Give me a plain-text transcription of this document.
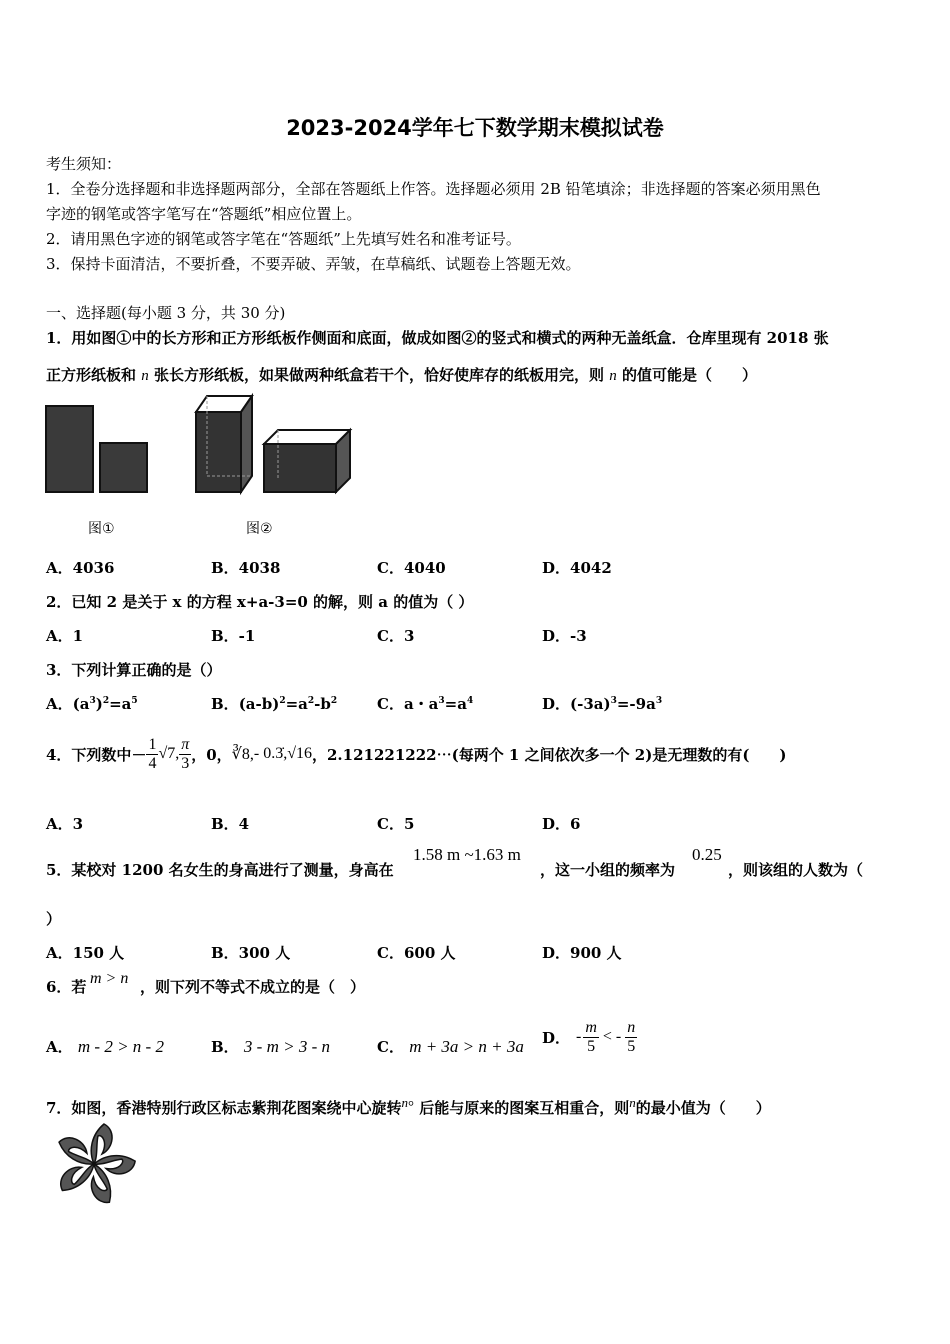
2023-2024学年七下数学期末模拟试卷
考生须知：
1．全卷分选择题和非选择题两部分，全部在答题纸上作答。选择题必须用 2B 铅笔填涂；非选择题的答案必须用黑色
字迹的钢笔或答字笔写在“答题纸”相应位置上。
2．请用黑色字迹的钢笔或答字笔在“答题纸”上先填写姓名和准考证号。
3．保持卡面清洁，不要折叠，不要弄破、弄皱，在草稿纸、试题卷上答题无效。
一、选择题(每小题 3 分，共 30 分)
1．用如图①中的长方形和正方形纸板作侧面和底面，做成如图②的竖式和横式的两种无盖纸盒．仓库里现有 2018 张
正方形纸板和 n 张长方形纸板，如果做两种纸盒若干个，恰好使库存的纸板用完，则 n 的值可能是（　　）
图①	图②
A．4036	B．4038	C．4040	D．4042
2．已知 2 是关于 x 的方程 x+a-3=0 的解，则 a 的值为（ ）
A．1	B．-1	C．3	D．-3
3．下列计算正确的是（）
A．$(a^3)^2=a^5$	B．$(a-b)^2=a^2-b^2$	C．a・$a^3=a^4$	D．$(-3a)^3=-9a^3$
4．下列数中－ $\frac{1}{4} √7$, $\frac{\pi}{3}$ ，0， ∛8, - 0.3̇, √16 ，2.121221222⋯(每两个 1 之间依次多一个 2)是无理数的有(　　)
A．3	B．4	C．5	D．6
5．某校对 1200 名女生的身高进行了测量，身高在
1.58 m ~1.63 m
，这一小组的频率为
0.25
，则该组的人数为（
）
A．150 人	B．300 人	C．600 人	D．900 人
6．若 m > n ，则下列不等式不成立的是（　）
A． m - 2 > n - 2	B． 3 - m > 3 - n	C． m + 3a > n + 3a D． - $\frac{m}{5}$ < - $\frac{n}{5}$
7．如图，香港特别行政区标志紫荆花图案绕中心旋转n° 后能与原来的图案互相重合，则n的最小值为（　　）
